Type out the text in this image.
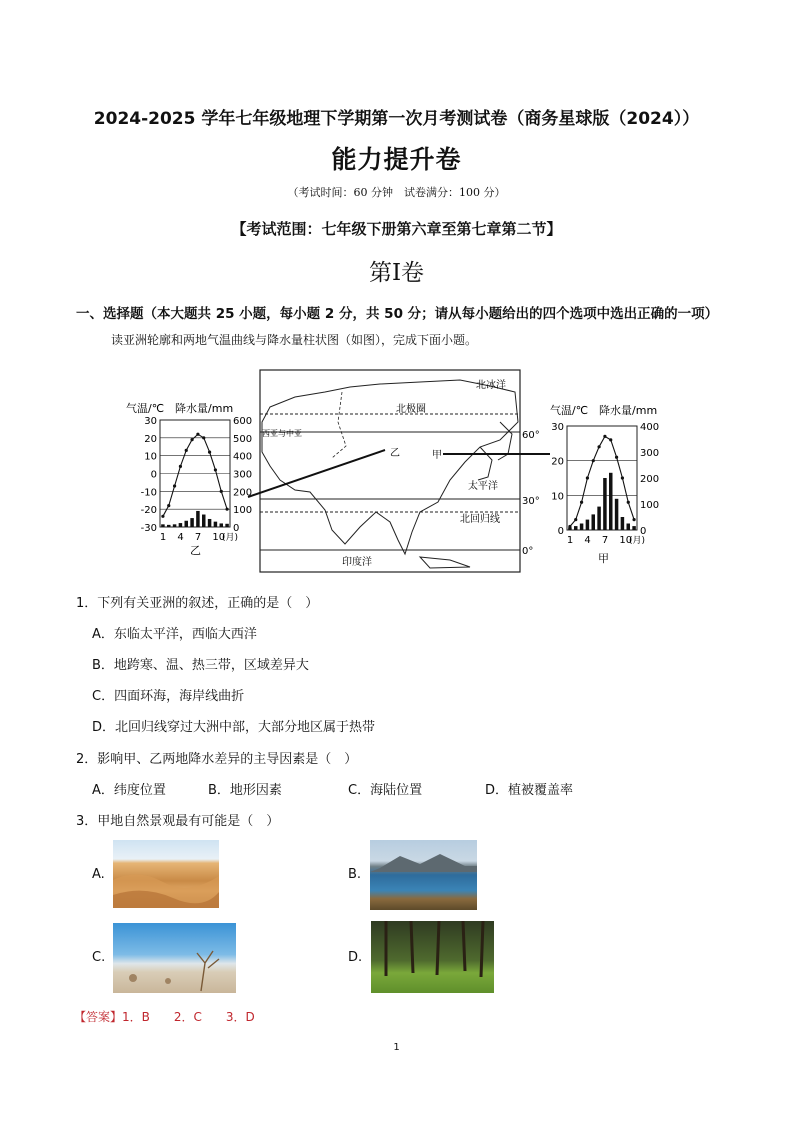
2024-2025 学年七年级地理下学期第一次月考测试卷（商务星球版（2024））
能力提升卷
（考试时间：60 分钟　试卷满分：100 分）
【考试范围：七年级下册第六章至第七章第二节】
第I卷
一、选择题（本大题共 25 小题，每小题 2 分，共 50 分；请从每小题给出的四个选项中选出正确的一项）
读亚洲轮廓和两地气温曲线与降水量柱状图（如图），完成下面小题。
气温/℃　降水量/mm
30
20
10
0
-10
-20
-30
600
500
400
300
200
100
0
1 4 7 10
(月)
乙
北冰洋
北极圈
60°
30°
0°
太平洋
北回归线
印度洋
甲
乙
西亚与中亚
气温/℃　降水量/mm
30
20
10
0
400
300
200
100
0
1 4 7 10
(月)
甲
1．下列有关亚洲的叙述，正确的是（　）
A．东临太平洋，西临大西洋
B．地跨寒、温、热三带，区域差异大
C．四面环海，海岸线曲折
D．北回归线穿过大洲中部，大部分地区属于热带
2．影响甲、乙两地降水差异的主导因素是（　）
A．纬度位置	B．地形因素	C．海陆位置	D．植被覆盖率
3．甲地自然景观最有可能是（　）
A.	B.
C.	D.
【答案】1．B　　2．C　　3．D
1
